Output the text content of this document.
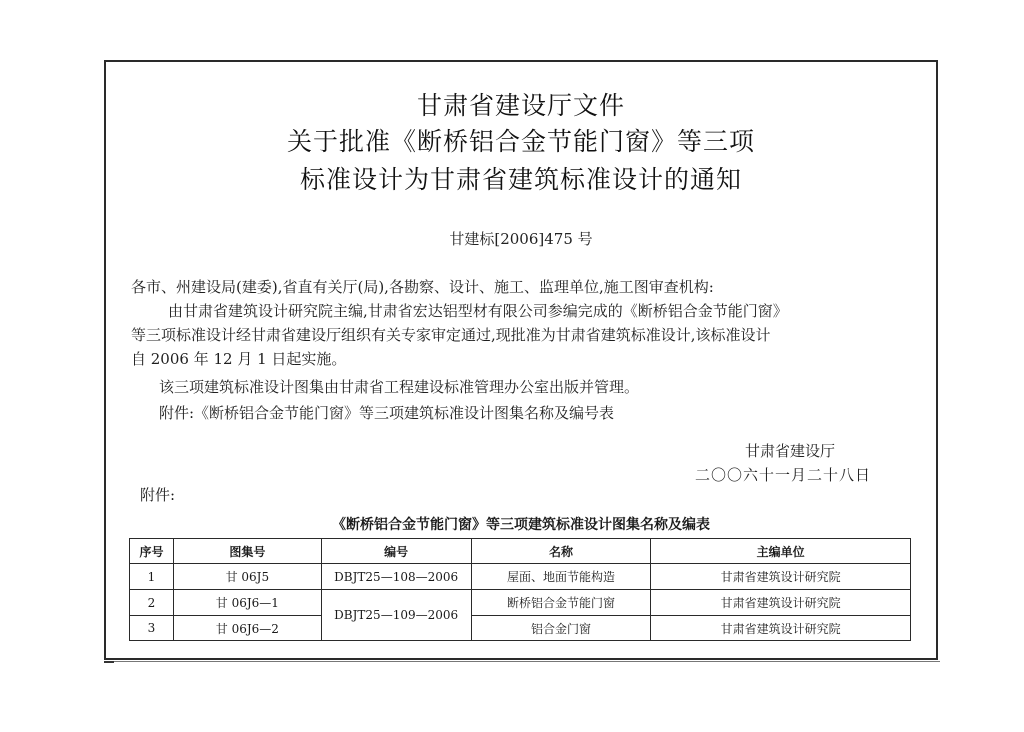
甘肃省建设厅文件
关于批准《断桥铝合金节能门窗》等三项
标准设计为甘肃省建筑标准设计的通知
甘建标[2006]475 号
各市、州建设局(建委),省直有关厅(局),各勘察、设计、施工、监理单位,施工图审查机构:
由甘肃省建筑设计研究院主编,甘肃省宏达铝型材有限公司参编完成的《断桥铝合金节能门窗》
等三项标准设计经甘肃省建设厅组织有关专家审定通过,现批准为甘肃省建筑标准设计,该标准设计
自 2006 年 12 月 1 日起实施。
该三项建筑标准设计图集由甘肃省工程建设标准管理办公室出版并管理。
附件:《断桥铝合金节能门窗》等三项建筑标准设计图集名称及编号表
甘肃省建设厅
二〇〇六十一月二十八日
附件:
《断桥铝合金节能门窗》等三项建筑标准设计图集名称及编表
序号	图集号	编号	名称	主编单位
1	甘 06J5	DBJT25—108—2006	屋面、地面节能构造	甘肃省建筑设计研究院
2	甘 06J6—1	DBJT25—109—2006	断桥铝合金节能门窗	甘肃省建筑设计研究院
3	甘 06J6—2		铝合金门窗	甘肃省建筑设计研究院
